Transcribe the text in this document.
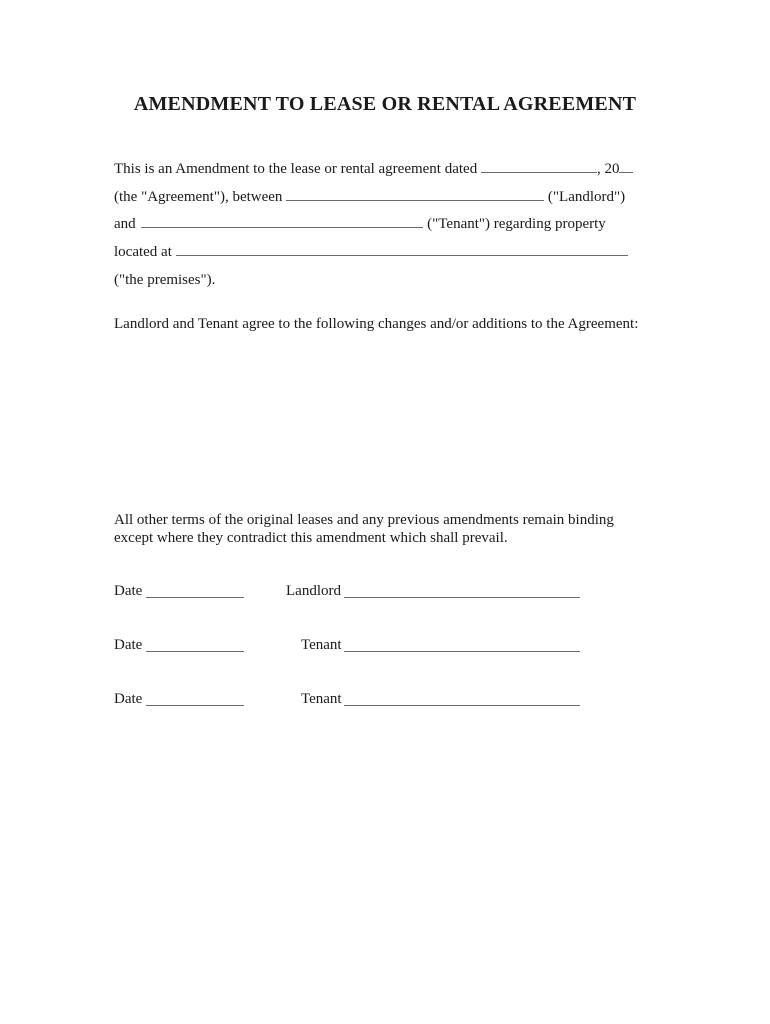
AMENDMENT TO LEASE OR RENTAL AGREEMENT
This is an Amendment to the lease or rental agreement dated	, 20
(the "Agreement"), between	("Landlord")
and	("Tenant") regarding property
located at
("the premises").
Landlord and Tenant agree to the following changes and/or additions to the Agreement:
All other terms of the original leases and any previous amendments remain binding
except where they contradict this amendment which shall prevail.
Date	Landlord
Date	Tenant
Date	Tenant
